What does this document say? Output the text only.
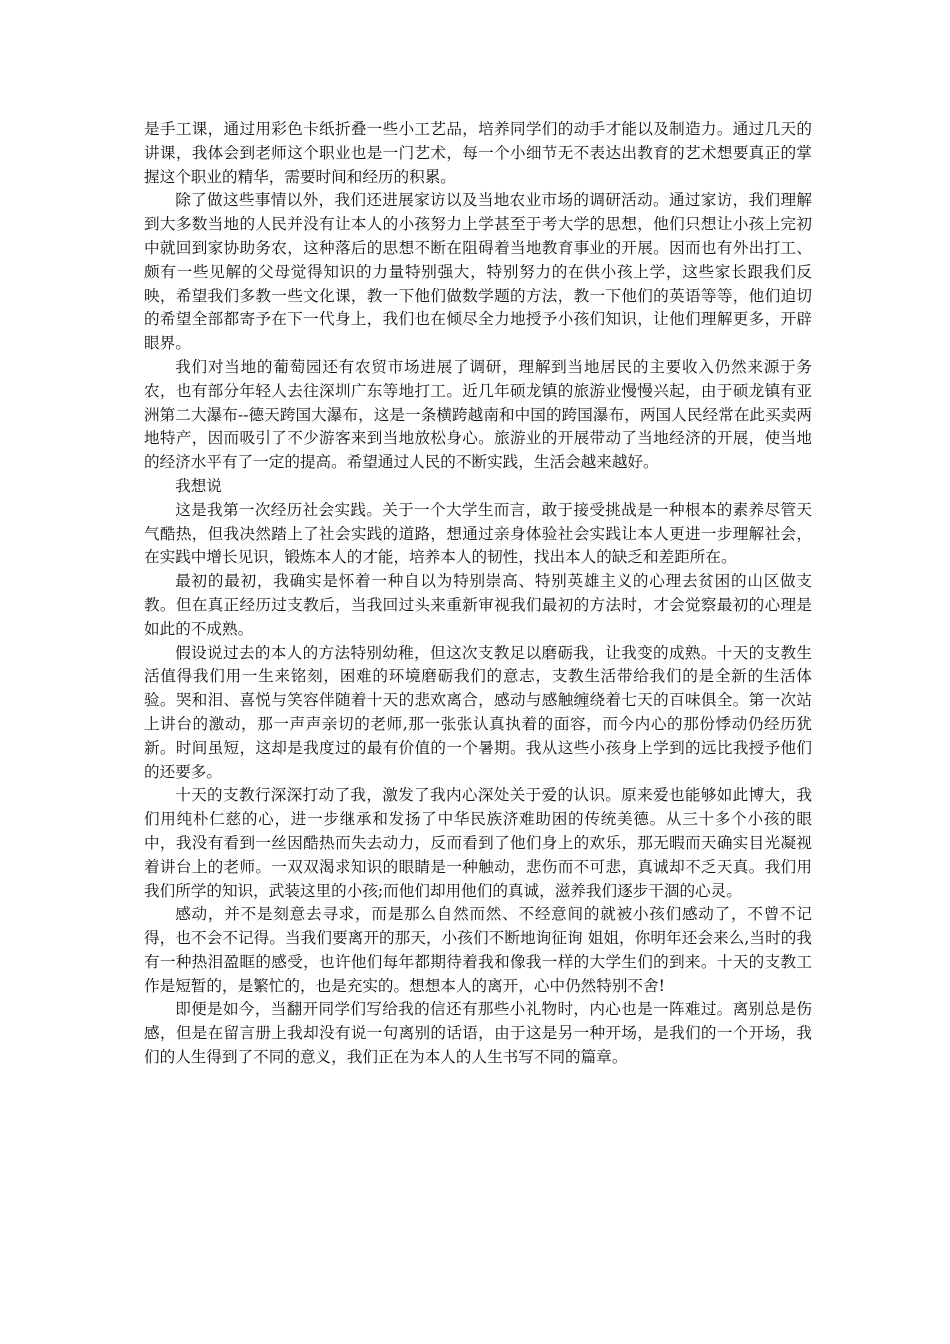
是手工课，通过用彩色卡纸折叠一些小工艺品，培养同学们的动手才能以及制造力。通过几天的讲课，我体会到老师这个职业也是一门艺术，每一个小细节无不表达出教育的艺术想要真正的掌握这个职业的精华，需要时间和经历的积累。

除了做这些事情以外，我们还进展家访以及当地农业市场的调研活动。通过家访，我们理解到大多数当地的人民并没有让本人的小孩努力上学甚至于考大学的思想，他们只想让小孩上完初中就回到家协助务农，这种落后的思想不断在阻碍着当地教育事业的开展。因而也有外出打工、颇有一些见解的父母觉得知识的力量特别强大，特别努力的在供小孩上学，这些家长跟我们反映，希望我们多教一些文化课，教一下他们做数学题的方法，教一下他们的英语等等，他们迫切的希望全部都寄予在下一代身上，我们也在倾尽全力地授予小孩们知识，让他们理解更多，开辟眼界。

我们对当地的葡萄园还有农贸市场进展了调研，理解到当地居民的主要收入仍然来源于务农，也有部分年轻人去往深圳广东等地打工。近几年硕龙镇的旅游业慢慢兴起，由于硕龙镇有亚洲第二大瀑布--德天跨国大瀑布，这是一条横跨越南和中国的跨国瀑布，两国人民经常在此买卖两地特产，因而吸引了不少游客来到当地放松身心。旅游业的开展带动了当地经济的开展，使当地的经济水平有了一定的提高。希望通过人民的不断实践，生活会越来越好。

我想说

这是我第一次经历社会实践。关于一个大学生而言，敢于接受挑战是一种根本的素养尽管天气酷热，但我决然踏上了社会实践的道路，想通过亲身体验社会实践让本人更进一步理解社会，在实践中增长见识，锻炼本人的才能，培养本人的韧性，找出本人的缺乏和差距所在。

最初的最初，我确实是怀着一种自以为特别崇高、特别英雄主义的心理去贫困的山区做支教。但在真正经历过支教后，当我回过头来重新审视我们最初的方法时，才会觉察最初的心理是如此的不成熟。

假设说过去的本人的方法特别幼稚，但这次支教足以磨砺我，让我变的成熟。十天的支教生活值得我们用一生来铭刻，困难的环境磨砺我们的意志，支教生活带给我们的是全新的生活体验。哭和泪、喜悦与笑容伴随着十天的悲欢离合，感动与感触缠绕着七天的百味俱全。第一次站上讲台的激动，那一声声亲切的老师,那一张张认真执着的面容，而今内心的那份悸动仍经历犹新。时间虽短，这却是我度过的最有价值的一个暑期。我从这些小孩身上学到的远比我授予他们的还要多。

十天的支教行深深打动了我，激发了我内心深处关于爱的认识。原来爱也能够如此博大，我们用纯朴仁慈的心，进一步继承和发扬了中华民族济难助困的传统美德。从三十多个小孩的眼中，我没有看到一丝因酷热而失去动力，反而看到了他们身上的欢乐，那无暇而天确实目光凝视着讲台上的老师。一双双渴求知识的眼睛是一种触动，悲伤而不可悲，真诚却不乏天真。我们用我们所学的知识，武装这里的小孩;而他们却用他们的真诚，滋养我们逐步干涸的心灵。

感动，并不是刻意去寻求，而是那么自然而然、不经意间的就被小孩们感动了，不曾不记得，也不会不记得。当我们要离开的那天，小孩们不断地询征询 姐姐，你明年还会来么,当时的我有一种热泪盈眶的感受，也许他们每年都期待着我和像我一样的大学生们的到来。十天的支教工作是短暂的，是繁忙的，也是充实的。想想本人的离开，心中仍然特别不舍!

即便是如今，当翻开同学们写给我的信还有那些小礼物时，内心也是一阵难过。离别总是伤感，但是在留言册上我却没有说一句离别的话语，由于这是另一种开场，是我们的一个开场，我们的人生得到了不同的意义，我们正在为本人的人生书写不同的篇章。
